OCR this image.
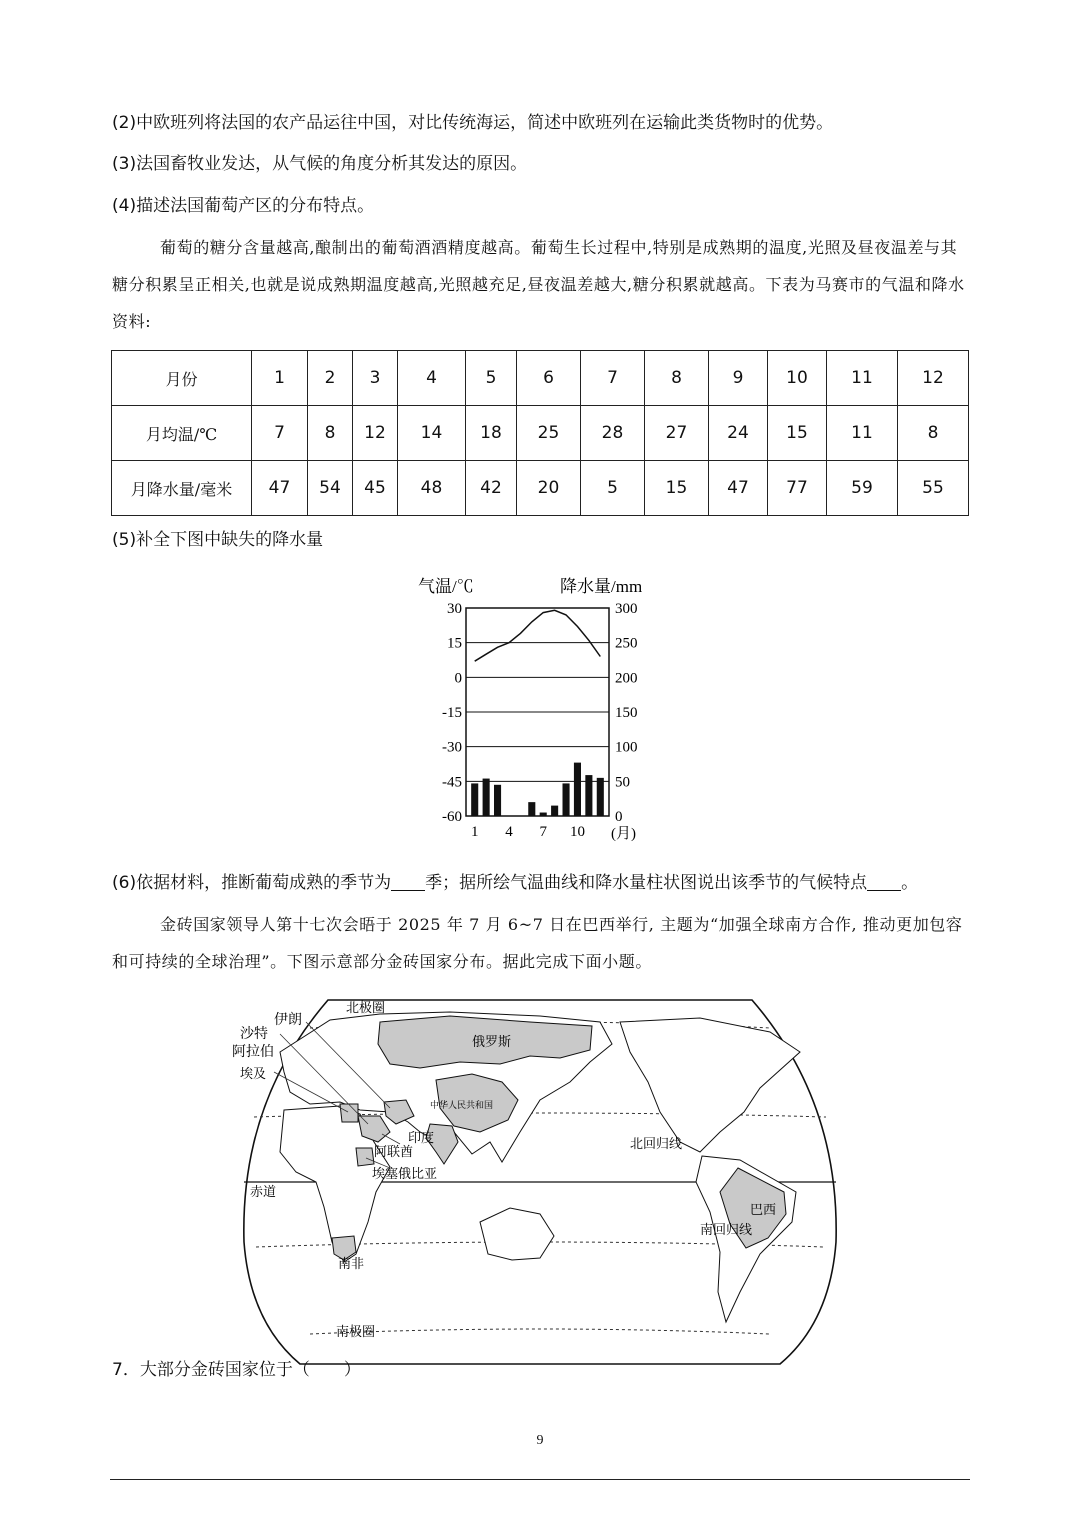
(2)中欧班列将法国的农产品运往中国，对比传统海运，简述中欧班列在运输此类货物时的优势。
(3)法国畜牧业发达，从气候的角度分析其发达的原因。
(4)描述法国葡萄产区的分布特点。
葡萄的糖分含量越高,酿制出的葡萄酒酒精度越高。葡萄生长过程中,特别是成熟期的温度,光照及昼夜温差与其糖分积累呈正相关,也就是说成熟期温度越高,光照越充足,昼夜温差越大,糖分积累就越高。下表为马赛市的气温和降水资料:
月份	1	2	3	4	5	6	7	8	9	10	11	12
月均温/℃	7	8	12	14	18	25	28	27	24	15	11	8
月降水量/毫米	47	54	45	48	42	20	5	15	47	77	59	55
(5)补全下图中缺失的降水量
气温/℃	降水量/mm
30
15
0
-15
-30
-45
-60
300
250
200
150
100
50
0
1 4 7 10 (月)
(6)依据材料，推断葡萄成熟的季节为 季；据所绘气温曲线和降水量柱状图说出该季节的气候特点 。
金砖国家领导人第十七次会晤于 2025 年 7 月 6~7 日在巴西举行, 主题为“加强全球南方合作, 推动更加包容和可持续的全球治理”。下图示意部分金砖国家分布。据此完成下面小题。
北极圈
伊朗
沙特
阿拉伯
埃及
俄罗斯
中华人民共和国
印度
阿联酋
埃塞俄比亚
北回归线
赤道
南回归线
巴西
南非
南极圈
7．大部分金砖国家位于（　　）
9
